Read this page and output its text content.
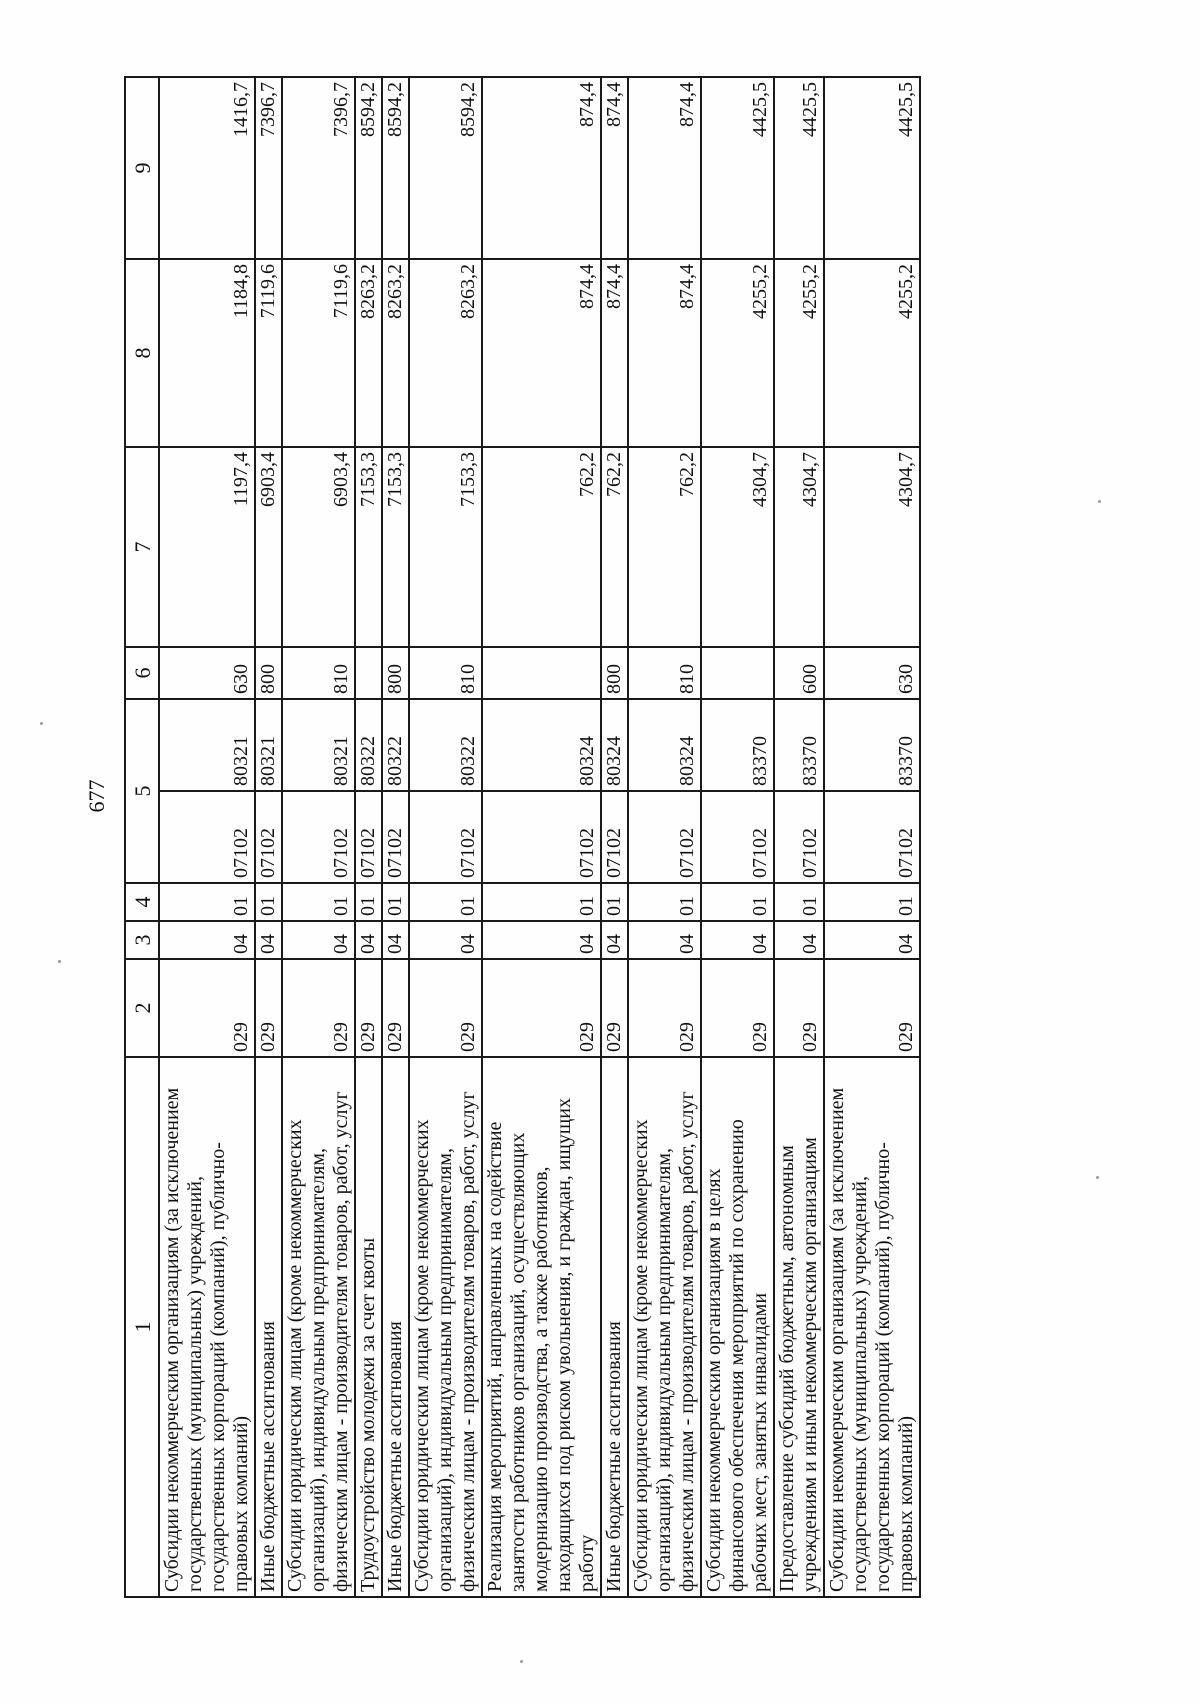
677
1	2	3	4	5		6	7	8	9
Субсидии некоммерческим организациям (за исключением государственных (муниципальных) учреждений, государственных корпораций (компаний), публично-правовых компаний)	029	04	01	07102	80321	630	1197,4	1184,8	1416,7
Иные бюджетные ассигнования	029	04	01	07102	80321	800	6903,4	7119,6	7396,7
Субсидии юридическим лицам (кроме некоммерческих организаций), индивидуальным предпринимателям, физическим лицам - производителям товаров, работ, услуг	029	04	01	07102	80321	810	6903,4	7119,6	7396,7
Трудоустройство молодежи за счет квоты	029	04	01	07102	80322		7153,3	8263,2	8594,2
Иные бюджетные ассигнования	029	04	01	07102	80322	800	7153,3	8263,2	8594,2
Субсидии юридическим лицам (кроме некоммерческих организаций), индивидуальным предпринимателям, физическим лицам - производителям товаров, работ, услуг	029	04	01	07102	80322	810	7153,3	8263,2	8594,2
Реализация мероприятий, направленных на содействие занятости работников организаций, осуществляющих модернизацию производства, а также работников, находящихся под риском увольнения, и граждан, ищущих работу	029	04	01	07102	80324		762,2	874,4	874,4
Иные бюджетные ассигнования	029	04	01	07102	80324	800	762,2	874,4	874,4
Субсидии юридическим лицам (кроме некоммерческих организаций), индивидуальным предпринимателям, физическим лицам - производителям товаров, работ, услуг	029	04	01	07102	80324	810	762,2	874,4	874,4
Субсидии некоммерческим организациям в целях финансового обеспечения мероприятий по сохранению рабочих мест, занятых инвалидами	029	04	01	07102	83370		4304,7	4255,2	4425,5
Предоставление субсидий бюджетным, автономным учреждениям и иным некоммерческим организациям	029	04	01	07102	83370	600	4304,7	4255,2	4425,5
Субсидии некоммерческим организациям (за исключением государственных (муниципальных) учреждений, государственных корпораций (компаний), публично-правовых компаний)	029	04	01	07102	83370	630	4304,7	4255,2	4425,5
